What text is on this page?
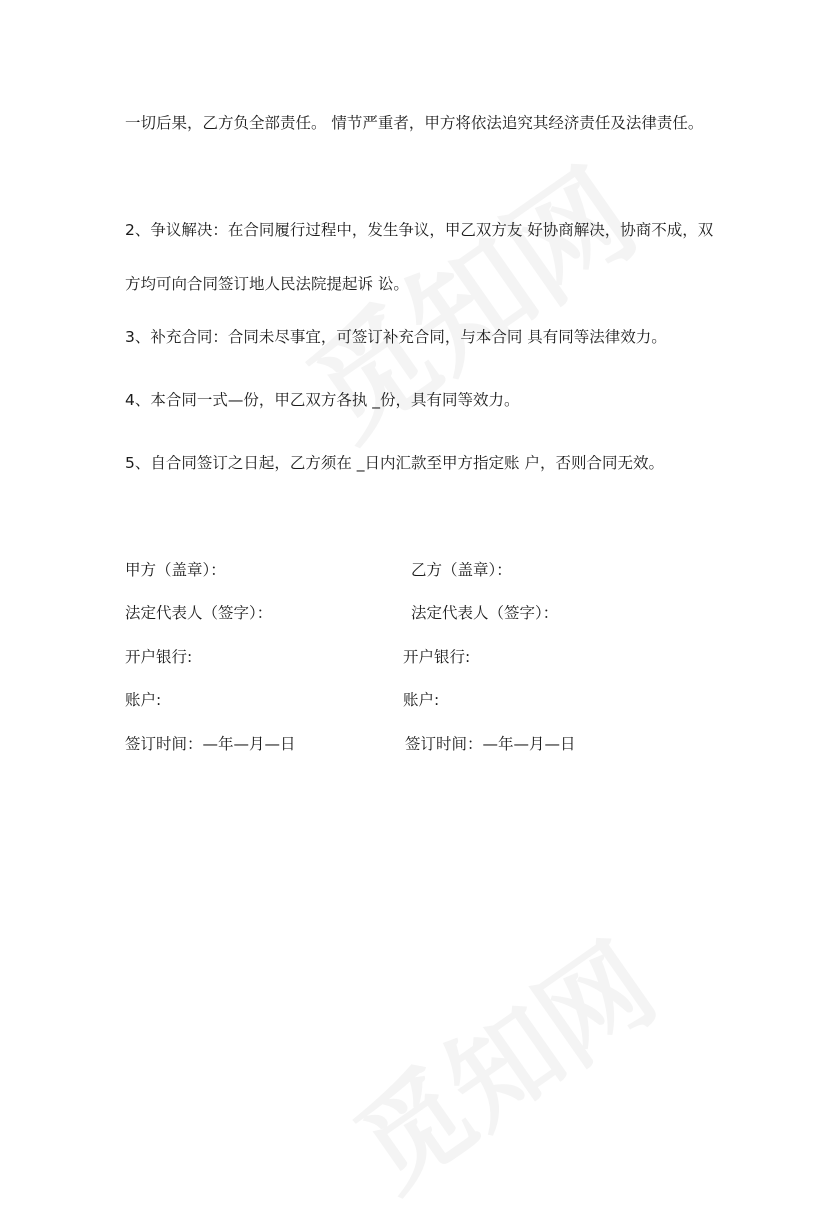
一切后果，乙方负全部责任。 情节严重者，甲方将依法追究其经济责任及法律责任。

2、争议解决：在合同履行过程中，发生争议，甲乙双方友 好协商解决，协商不成，双方均可向合同签订地人民法院提起诉 讼。

3、补充合同：合同未尽事宜，可签订补充合同，与本合同 具有同等法律效力。

4、本合同一式—份，甲乙双方各执 _份，具有同等效力。

5、自合同签订之日起，乙方须在 _日内汇款至甲方指定账 户，否则合同无效。

甲方（盖章）：	乙方（盖章）：
法定代表人（签字）：	法定代表人（签字）：
开户银行:	开户银行:
账户:	账户:
签订时间：—年—月—日	签订时间：—年—月—日
